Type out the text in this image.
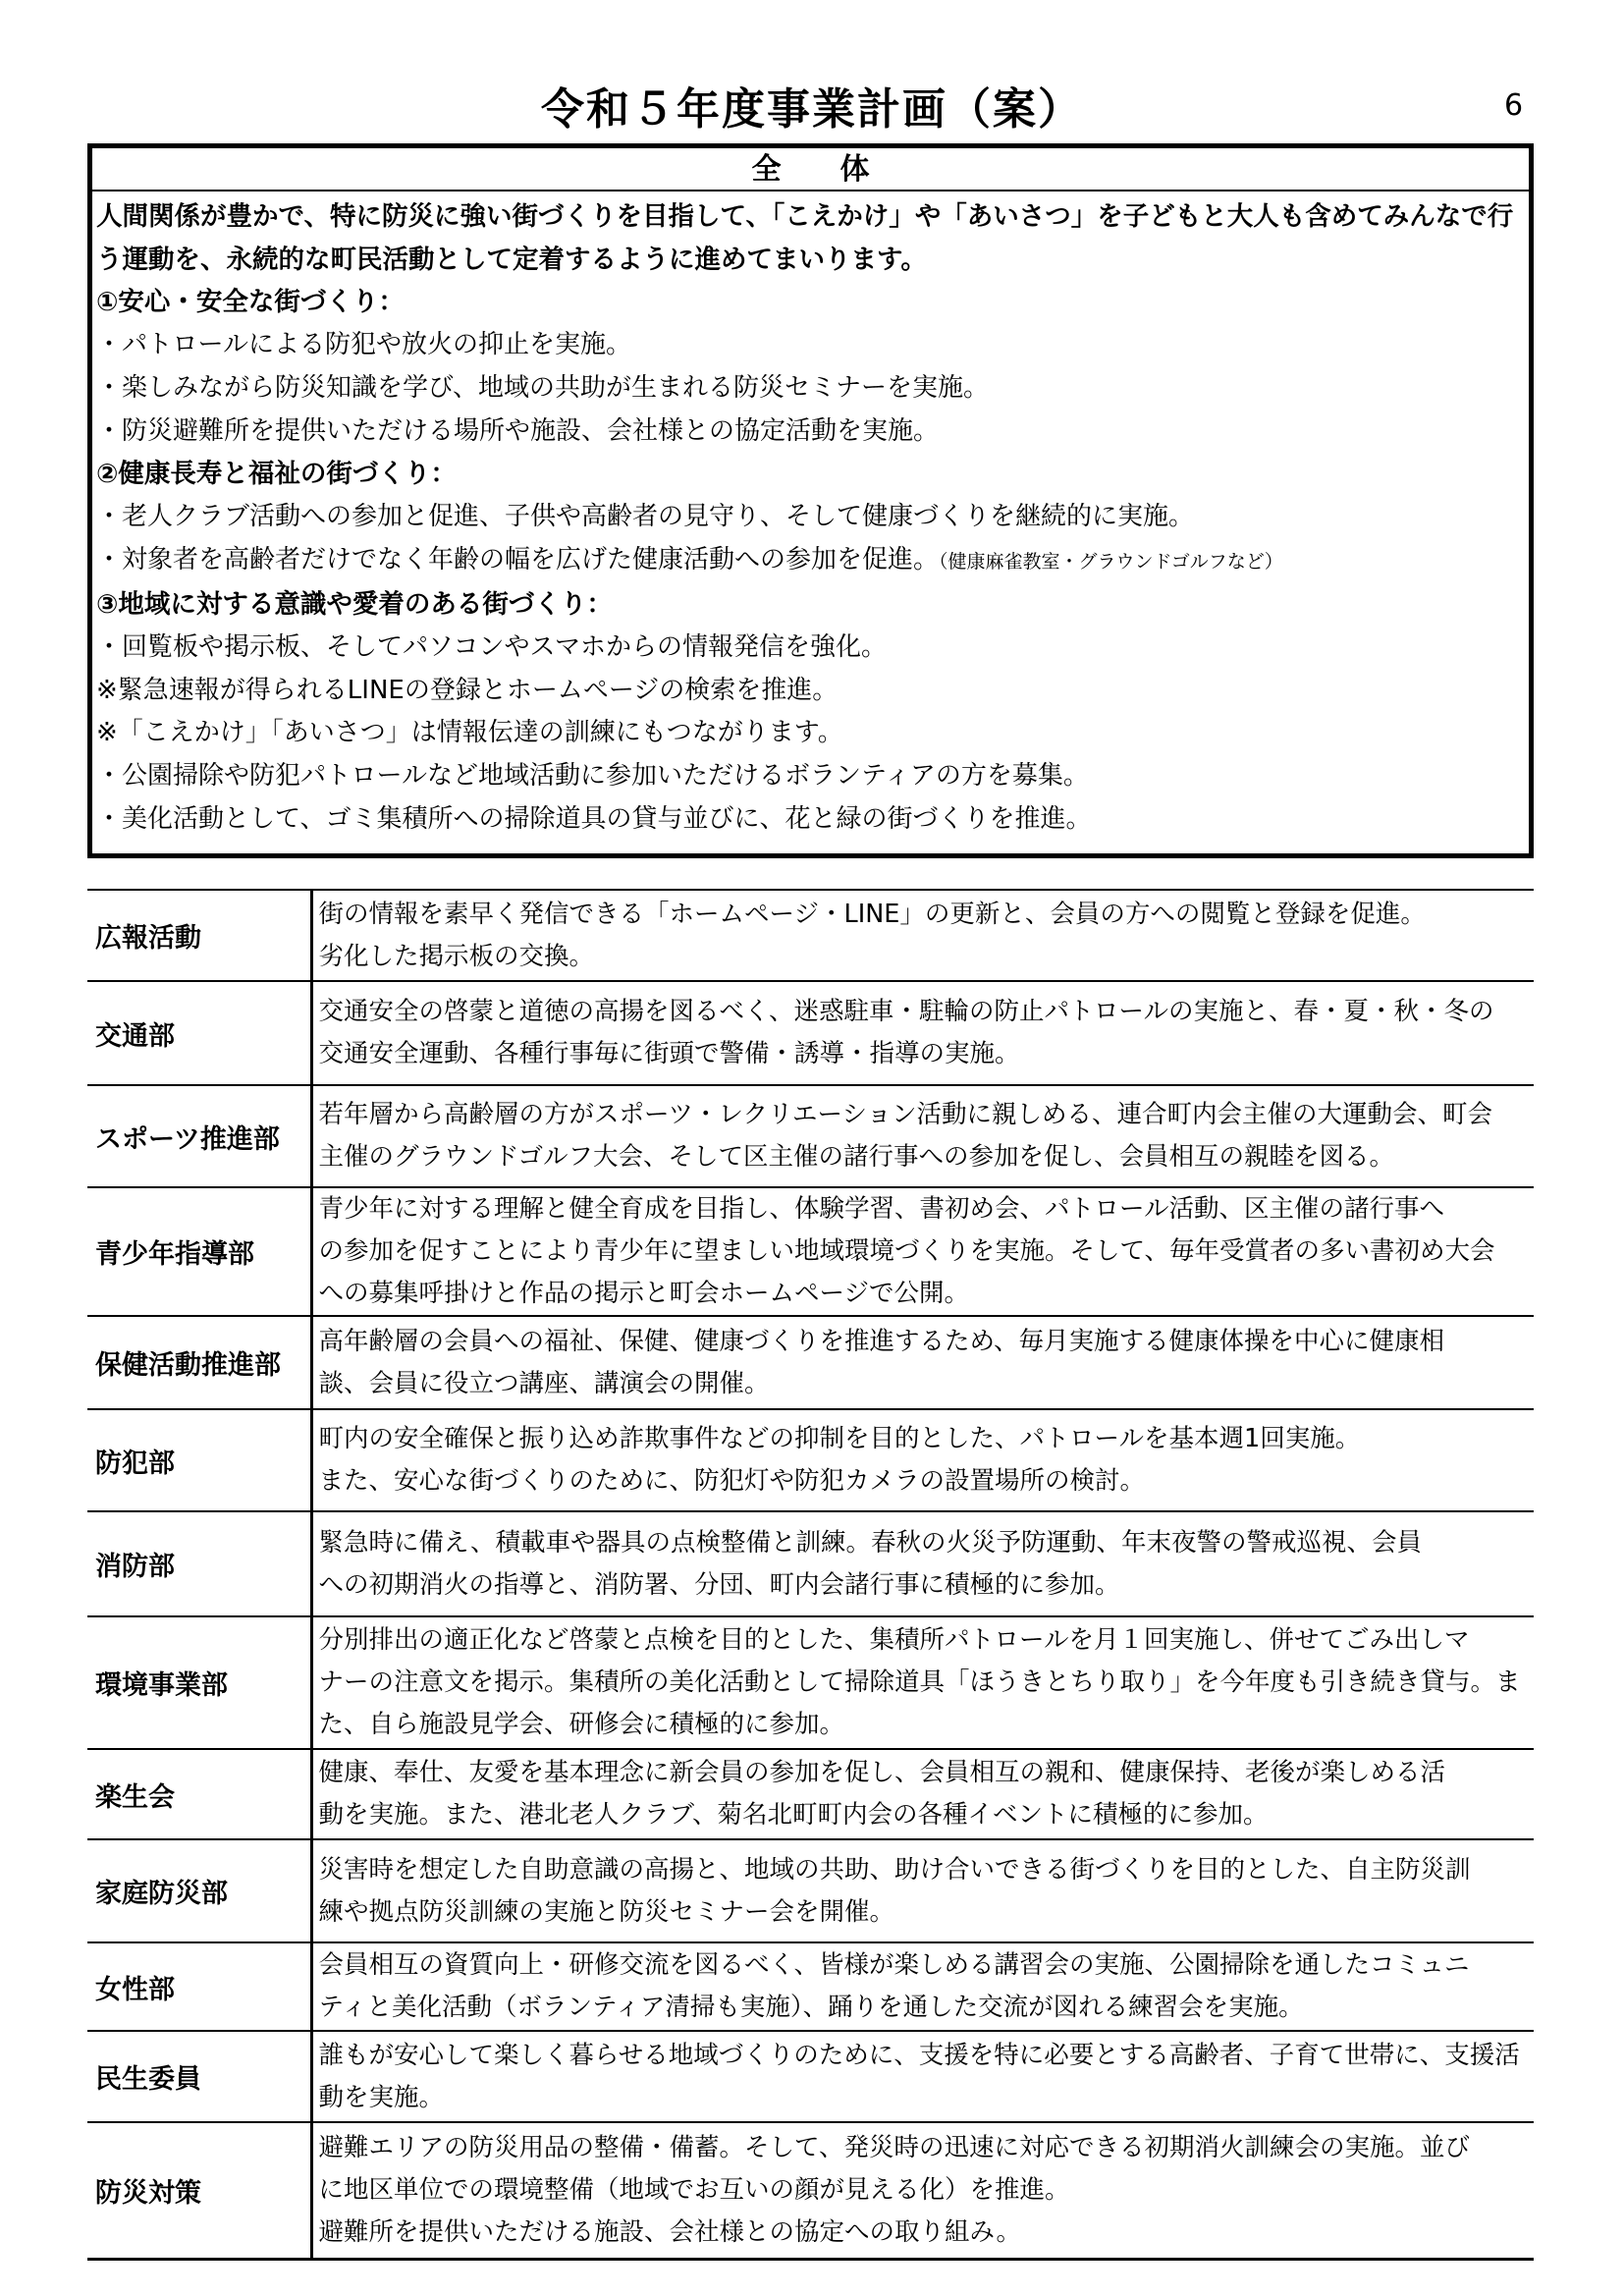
令和５年度事業計画（案）	6
全体
人間関係が豊かで、特に防災に強い街づくりを目指して、「こえかけ」や「あいさつ」を子どもと大人も含めてみんなで行
う運動を、永続的な町民活動として定着するように進めてまいります。
①安心・安全な街づくり：
・パトロールによる防犯や放火の抑止を実施。
・楽しみながら防災知識を学び、地域の共助が生まれる防災セミナーを実施。
・防災避難所を提供いただける場所や施設、会社様との協定活動を実施。
②健康長寿と福祉の街づくり：
・老人クラブ活動への参加と促進、子供や高齢者の見守り、そして健康づくりを継続的に実施。
・対象者を高齢者だけでなく年齢の幅を広げた健康活動への参加を促進。（健康麻雀教室・グラウンドゴルフなど）
③地域に対する意識や愛着のある街づくり：
・回覧板や掲示板、そしてパソコンやスマホからの情報発信を強化。
※緊急速報が得られるLINEの登録とホームページの検索を推進。
※「こえかけ」「あいさつ」は情報伝達の訓練にもつながります。
・公園掃除や防犯パトロールなど地域活動に参加いただけるボランティアの方を募集。
・美化活動として、ゴミ集積所への掃除道具の貸与並びに、花と緑の街づくりを推進。
広報活動	街の情報を素早く発信できる「ホームページ・LINE」の更新と、会員の方への閲覧と登録を促進。
劣化した掲示板の交換。

交通部	交通安全の啓蒙と道徳の高揚を図るべく、迷惑駐車・駐輪の防止パトロールの実施と、春・夏・秋・冬の
交通安全運動、各種行事毎に街頭で警備・誘導・指導の実施。

スポーツ推進部	若年層から高齢層の方がスポーツ・レクリエーション活動に親しめる、連合町内会主催の大運動会、町会
主催のグラウンドゴルフ大会、そして区主催の諸行事への参加を促し、会員相互の親睦を図る。

青少年指導部	青少年に対する理解と健全育成を目指し、体験学習、書初め会、パトロール活動、区主催の諸行事へ
の参加を促すことにより青少年に望ましい地域環境づくりを実施。そして、毎年受賞者の多い書初め大会
への募集呼掛けと作品の掲示と町会ホームページで公開。

保健活動推進部	高年齢層の会員への福祉、保健、健康づくりを推進するため、毎月実施する健康体操を中心に健康相
談、会員に役立つ講座、講演会の開催。

防犯部	町内の安全確保と振り込め詐欺事件などの抑制を目的とした、パトロールを基本週1回実施。
また、安心な街づくりのために、防犯灯や防犯カメラの設置場所の検討。

消防部	緊急時に備え、積載車や器具の点検整備と訓練。春秋の火災予防運動、年末夜警の警戒巡視、会員
への初期消火の指導と、消防署、分団、町内会諸行事に積極的に参加。

環境事業部	分別排出の適正化など啓蒙と点検を目的とした、集積所パトロールを月１回実施し、併せてごみ出しマ
ナーの注意文を掲示。集積所の美化活動として掃除道具「ほうきとちり取り」を今年度も引き続き貸与。ま
た、自ら施設見学会、研修会に積極的に参加。

楽生会	健康、奉仕、友愛を基本理念に新会員の参加を促し、会員相互の親和、健康保持、老後が楽しめる活
動を実施。また、港北老人クラブ、菊名北町町内会の各種イベントに積極的に参加。

家庭防災部	災害時を想定した自助意識の高揚と、地域の共助、助け合いできる街づくりを目的とした、自主防災訓
練や拠点防災訓練の実施と防災セミナー会を開催。

女性部	会員相互の資質向上・研修交流を図るべく、皆様が楽しめる講習会の実施、公園掃除を通したコミュニ
ティと美化活動（ボランティア清掃も実施）、踊りを通した交流が図れる練習会を実施。

民生委員	誰もが安心して楽しく暮らせる地域づくりのために、支援を特に必要とする高齢者、子育て世帯に、支援活
動を実施。

防災対策	避難エリアの防災用品の整備・備蓄。そして、発災時の迅速に対応できる初期消火訓練会の実施。並び
に地区単位での環境整備（地域でお互いの顔が見える化）を推進。
避難所を提供いただける施設、会社様との協定への取り組み。
